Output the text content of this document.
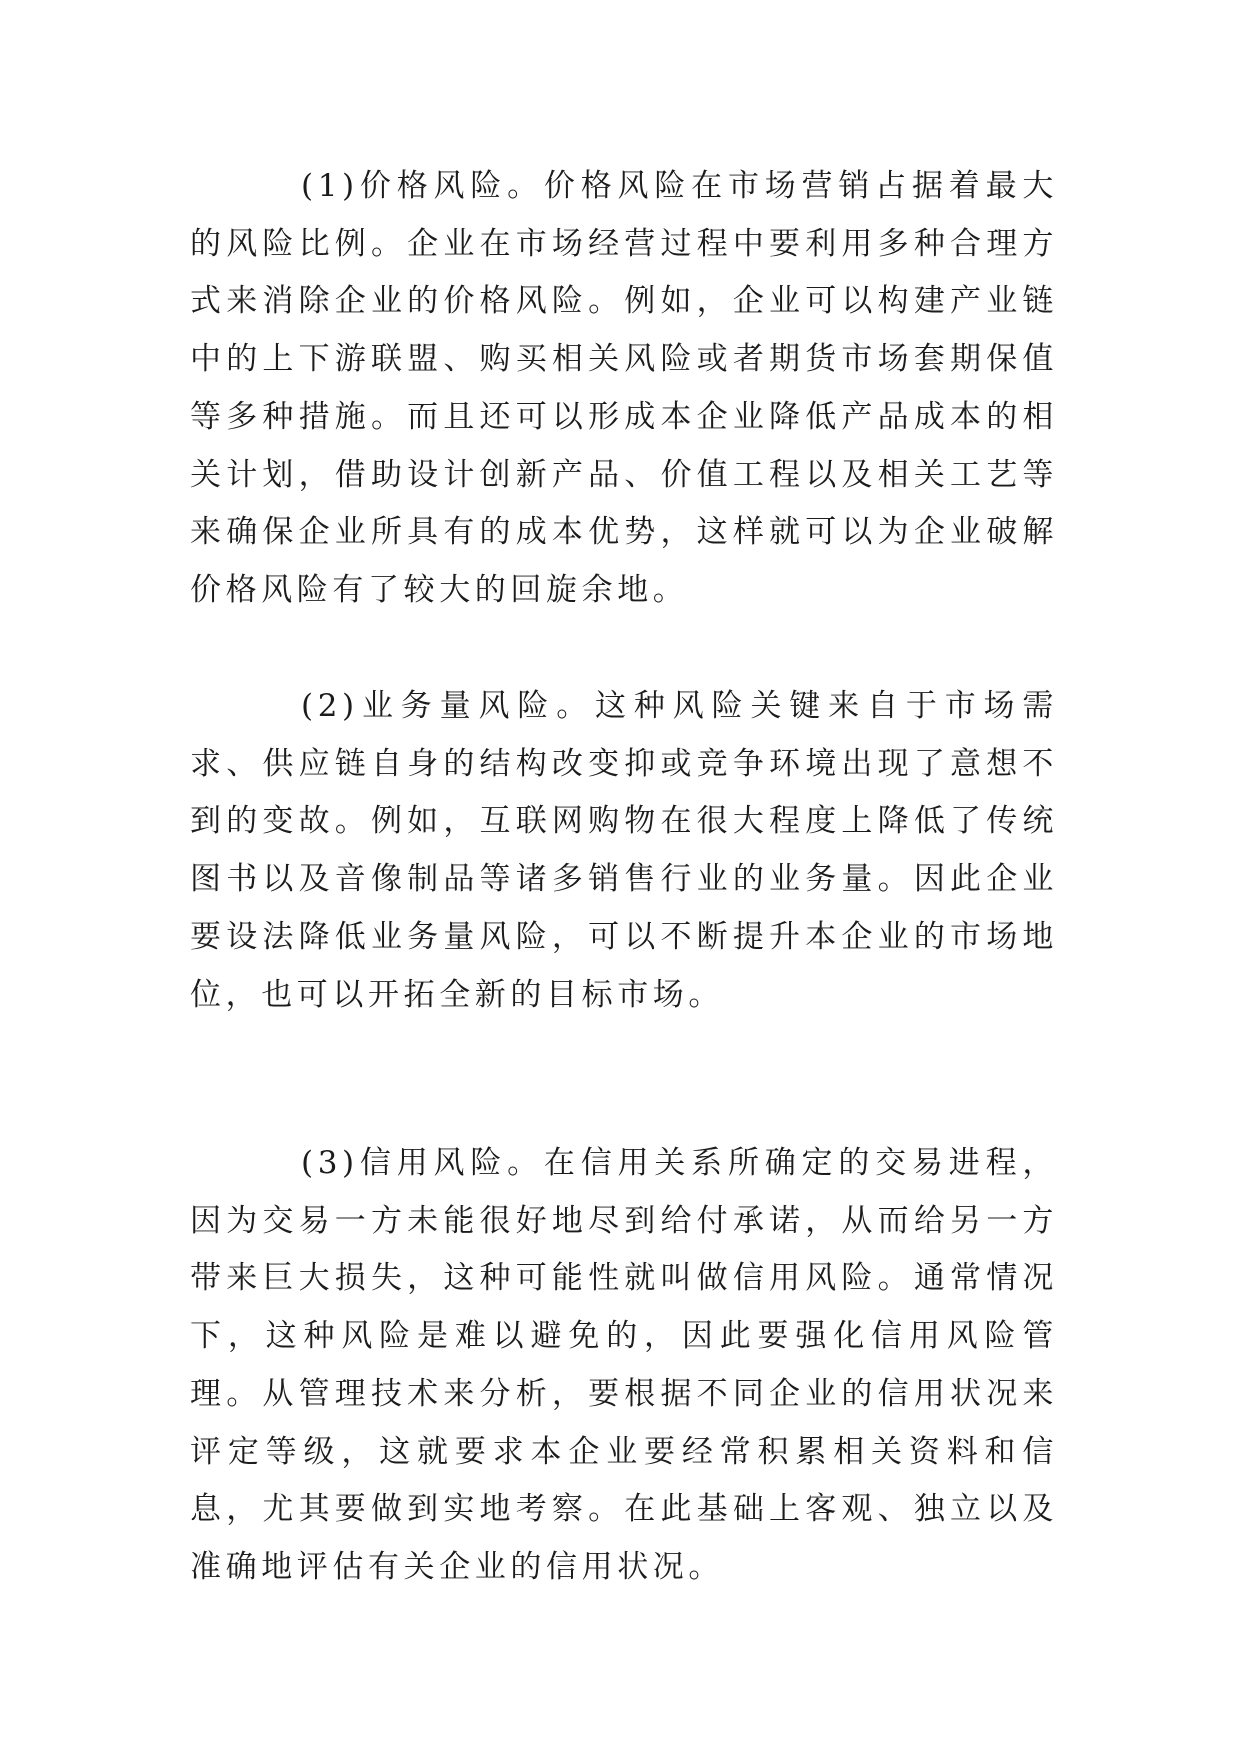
(1)价格风险。价格风险在市场营销占据着最大的风险比例。企业在市场经营过程中要利用多种合理方式来消除企业的价格风险。例如，企业可以构建产业链中的上下游联盟、购买相关风险或者期货市场套期保值等多种措施。而且还可以形成本企业降低产品成本的相关计划，借助设计创新产品、价值工程以及相关工艺等来确保企业所具有的成本优势，这样就可以为企业破解价格风险有了较大的回旋余地。

(2)业务量风险。这种风险关键来自于市场需求、供应链自身的结构改变抑或竞争环境出现了意想不到的变故。例如，互联网购物在很大程度上降低了传统图书以及音像制品等诸多销售行业的业务量。因此企业要设法降低业务量风险，可以不断提升本企业的市场地位，也可以开拓全新的目标市场。

(3)信用风险。在信用关系所确定的交易进程，因为交易一方未能很好地尽到给付承诺，从而给另一方带来巨大损失，这种可能性就叫做信用风险。通常情况下，这种风险是难以避免的，因此要强化信用风险管理。从管理技术来分析，要根据不同企业的信用状况来评定等级，这就要求本企业要经常积累相关资料和信息，尤其要做到实地考察。在此基础上客观、独立以及准确地评估有关企业的信用状况。
